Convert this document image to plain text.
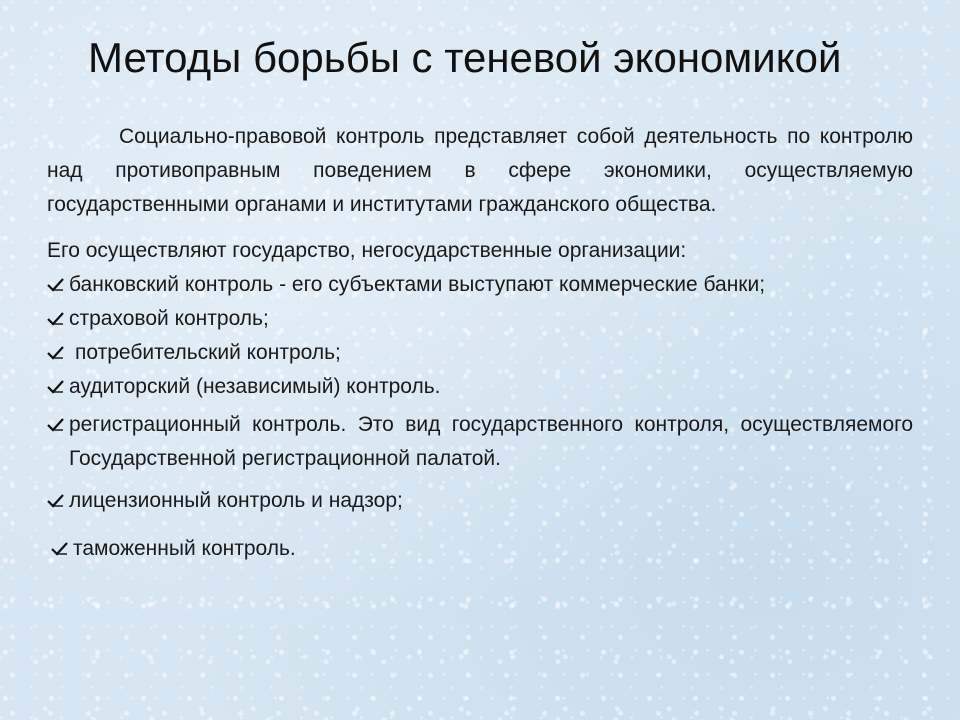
Методы борьбы с теневой экономикой

Социально-правовой контроль представляет собой деятельность по контролю над противоправным поведением в сфере экономики, осуществляемую государственными органами и институтами гражданского общества.

Его осуществляют государство, негосударственные организации:

банковский контроль - его субъектами выступают коммерческие банки;
страховой контроль;
потребительский контроль;
аудиторский (независимый) контроль.
регистрационный контроль. Это вид государственного контроля, осуществляемого Государственной регистрационной палатой.
лицензионный контроль и надзор;
таможенный контроль.
